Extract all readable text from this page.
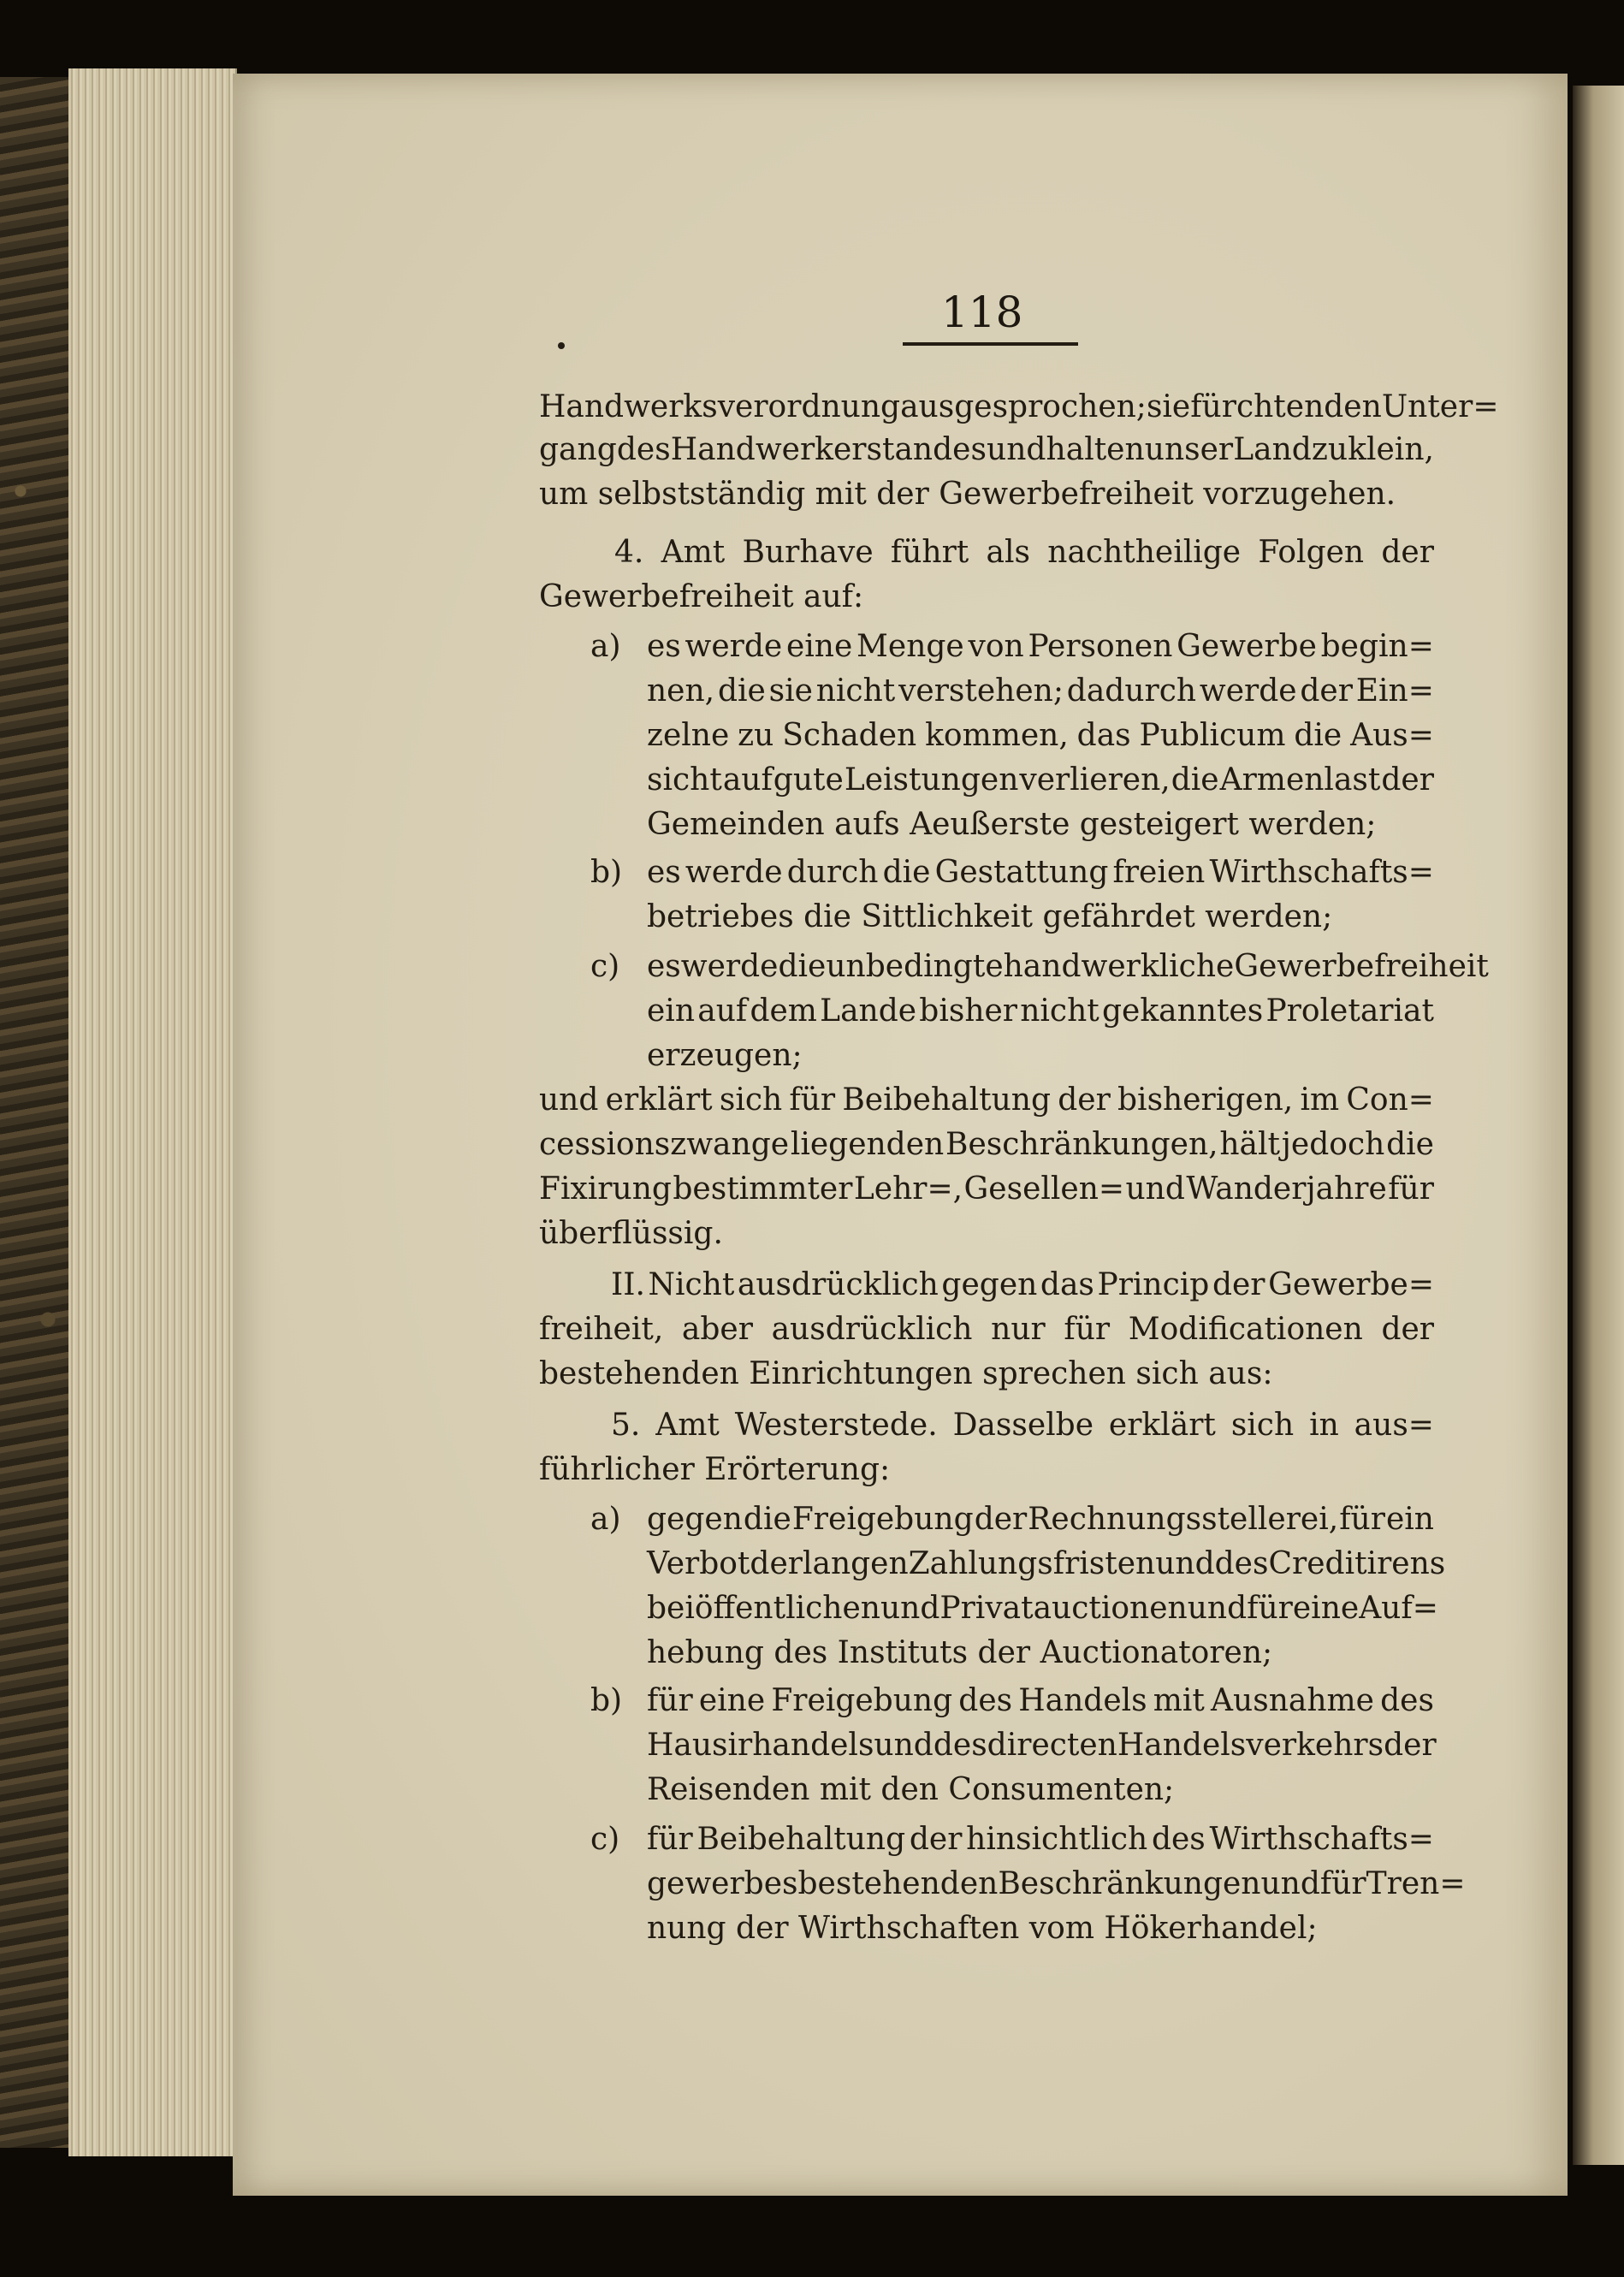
118
Handwerksverordnung ausgesprochen; sie fürchten den Unter=
gang des Handwerkerstandes und halten unser Land zu klein,
um selbstständig mit der Gewerbefreiheit vorzugehen.
4. Amt Burhave führt als nachtheilige Folgen der
Gewerbefreiheit auf:
es werde eine Menge von Personen Gewerbe begin=
nen, die sie nicht verstehen; dadurch werde der Ein=
zelne zu Schaden kommen, das Publicum die Aus=
sicht auf gute Leistungen verlieren, die Armenlast der
Gemeinden aufs Aeußerste gesteigert werden;
es werde durch die Gestattung freien Wirthschafts=
betriebes die Sittlichkeit gefährdet werden;
es werde die unbedingte handwerkliche Gewerbefreiheit
ein auf dem Lande bisher nicht gekanntes Proletariat
erzeugen;
und erklärt sich für Beibehaltung der bisherigen, im Con=
cessionszwange liegenden Beschränkungen, hält jedoch die
Fixirung bestimmter Lehr=, Gesellen= und Wanderjahre für
überflüssig.
II. Nicht ausdrücklich gegen das Princip der Gewerbe=
freiheit, aber ausdrücklich nur für Modificationen der
bestehenden Einrichtungen sprechen sich aus:
5. Amt Westerstede. Dasselbe erklärt sich in aus=
führlicher Erörterung:
gegen die Freigebung der Rechnungsstellerei, für ein
Verbot der langen Zahlungsfristen und des Creditirens
bei öffentlichen und Privatauctionen und für eine Auf=
hebung des Instituts der Auctionatoren;
für eine Freigebung des Handels mit Ausnahme des
Hausirhandels und des directen Handelsverkehrs der
Reisenden mit den Consumenten;
für Beibehaltung der hinsichtlich des Wirthschafts=
gewerbes bestehenden Beschränkungen und für Tren=
nung der Wirthschaften vom Hökerhandel;
a)
b)
c)
a)
b)
c)
